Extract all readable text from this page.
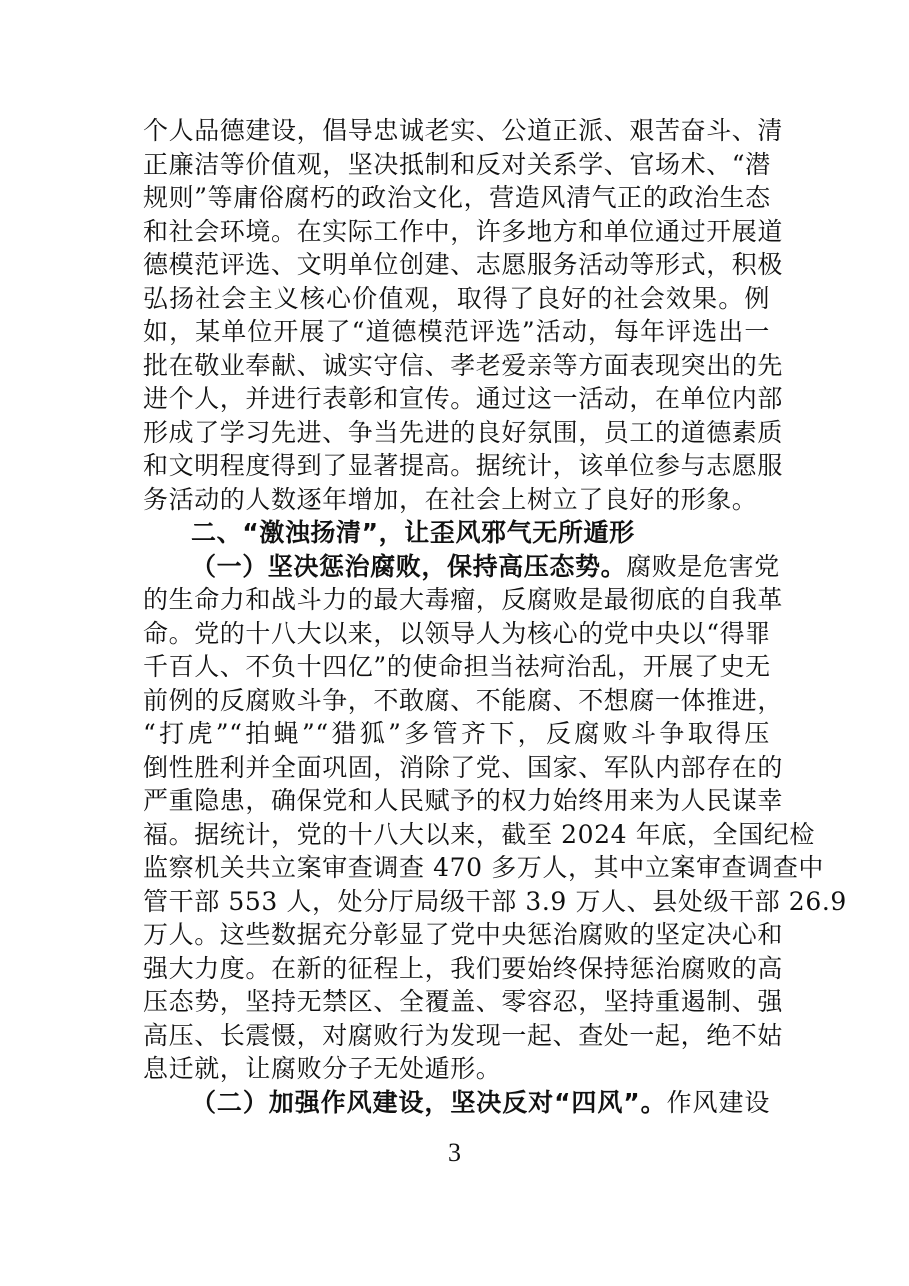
个人品德建设，倡导忠诚老实、公道正派、艰苦奋斗、清
正廉洁等价值观，坚决抵制和反对关系学、官场术、“潜
规则”等庸俗腐朽的政治文化，营造风清气正的政治生态
和社会环境。在实际工作中，许多地方和单位通过开展道
德模范评选、文明单位创建、志愿服务活动等形式，积极
弘扬社会主义核心价值观，取得了良好的社会效果。例
如，某单位开展了“道德模范评选”活动，每年评选出一
批在敬业奉献、诚实守信、孝老爱亲等方面表现突出的先
进个人，并进行表彰和宣传。通过这一活动，在单位内部
形成了学习先进、争当先进的良好氛围，员工的道德素质
和文明程度得到了显著提高。据统计，该单位参与志愿服
务活动的人数逐年增加，在社会上树立了良好的形象。
二、“激浊扬清”，让歪风邪气无所遁形
（一）坚决惩治腐败，保持高压态势。腐败是危害党
的生命力和战斗力的最大毒瘤，反腐败是最彻底的自我革
命。党的十八大以来，以领导人为核心的党中央以“得罪
千百人、不负十四亿”的使命担当祛疴治乱，开展了史无
前例的反腐败斗争，不敢腐、不能腐、不想腐一体推进，
“打虎”“拍蝇”“猎狐”多管齐下，反腐败斗争取得压
倒性胜利并全面巩固，消除了党、国家、军队内部存在的
严重隐患，确保党和人民赋予的权力始终用来为人民谋幸
福。据统计，党的十八大以来，截至 2024 年底，全国纪检
监察机关共立案审查调查 470 多万人，其中立案审查调查中
管干部 553 人，处分厅局级干部 3.9 万人、县处级干部 26.9
万人。这些数据充分彰显了党中央惩治腐败的坚定决心和
强大力度。在新的征程上，我们要始终保持惩治腐败的高
压态势，坚持无禁区、全覆盖、零容忍，坚持重遏制、强
高压、长震慑，对腐败行为发现一起、查处一起，绝不姑
息迁就，让腐败分子无处遁形。
（二）加强作风建设，坚决反对“四风”。作风建设
3
